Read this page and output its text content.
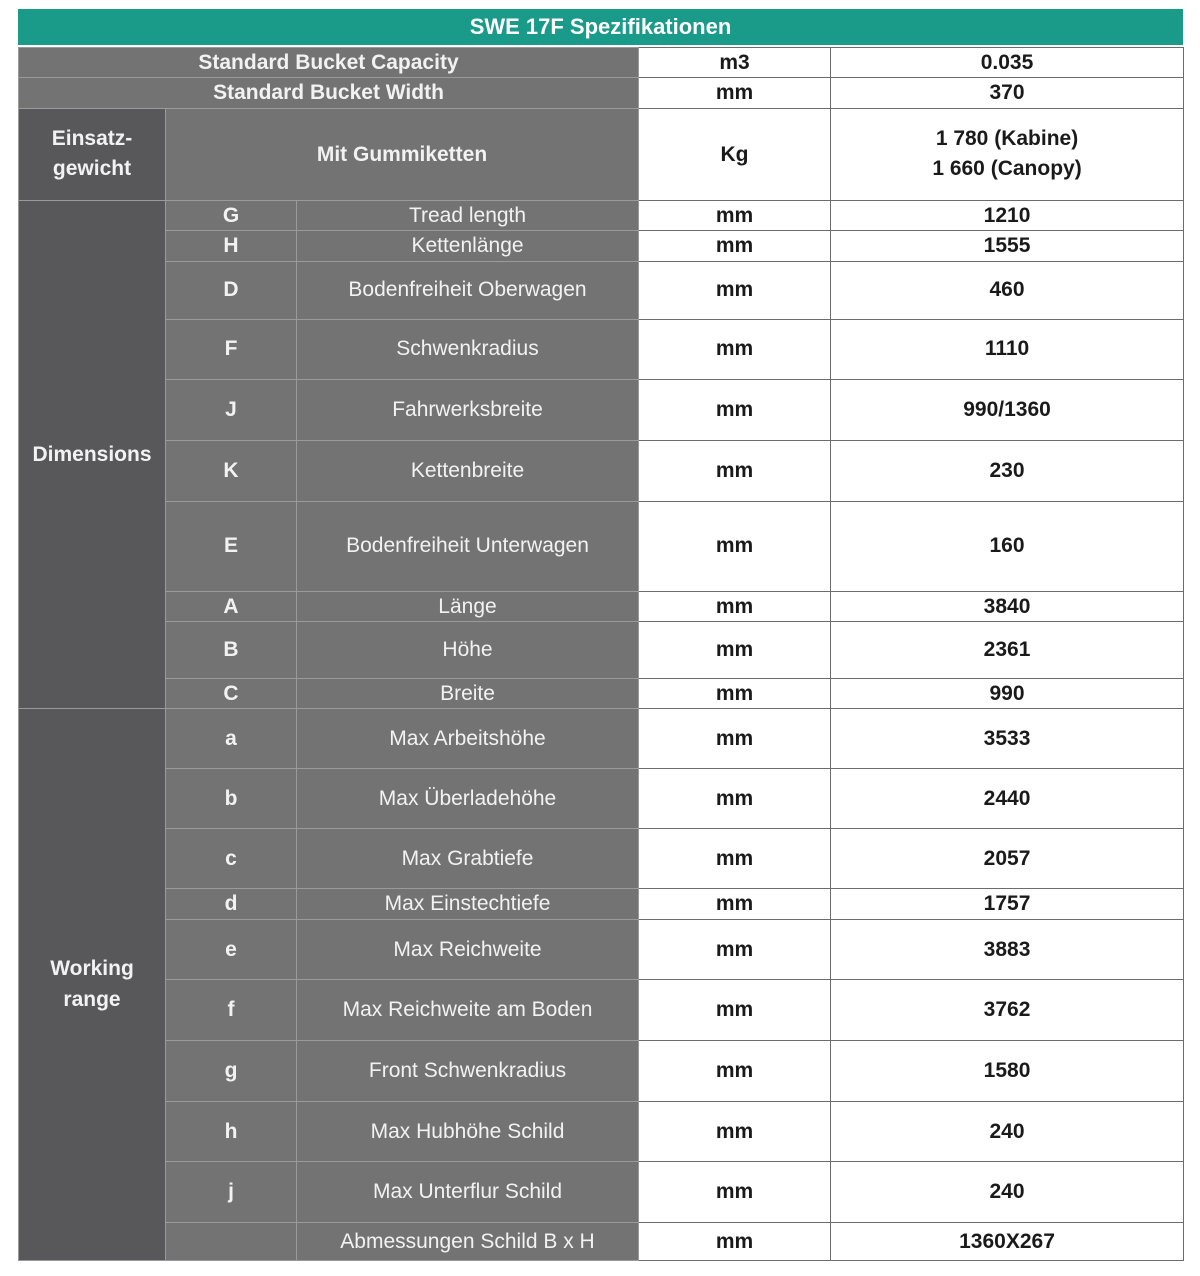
SWE 17F Spezifikationen
Standard Bucket Capacity			m3	0.035
Standard Bucket Width			mm	370
Einsatz-
gewicht	Mit Gummiketten		Kg	1 780 (Kabine)
1 660 (Canopy)
Dimensions	G	Tread length	mm	1210
	H	Kettenlänge	mm	1555
	D	Bodenfreiheit Oberwagen	mm	460
	F	Schwenkradius	mm	1110
	J	Fahrwerksbreite	mm	990/1360
	K	Kettenbreite	mm	230
	E	Bodenfreiheit Unterwagen	mm	160
	A	Länge	mm	3840
	B	Höhe	mm	2361
	C	Breite	mm	990
Working
range	a	Max Arbeitshöhe	mm	3533
	b	Max Überladehöhe	mm	2440
	c	Max Grabtiefe	mm	2057
	d	Max Einstechtiefe	mm	1757
	e	Max Reichweite	mm	3883
	f	Max Reichweite am Boden	mm	3762
	g	Front Schwenkradius	mm	1580
	h	Max Hubhöhe Schild	mm	240
	j	Max Unterflur Schild	mm	240
		Abmessungen Schild B x H	mm	1360X267
